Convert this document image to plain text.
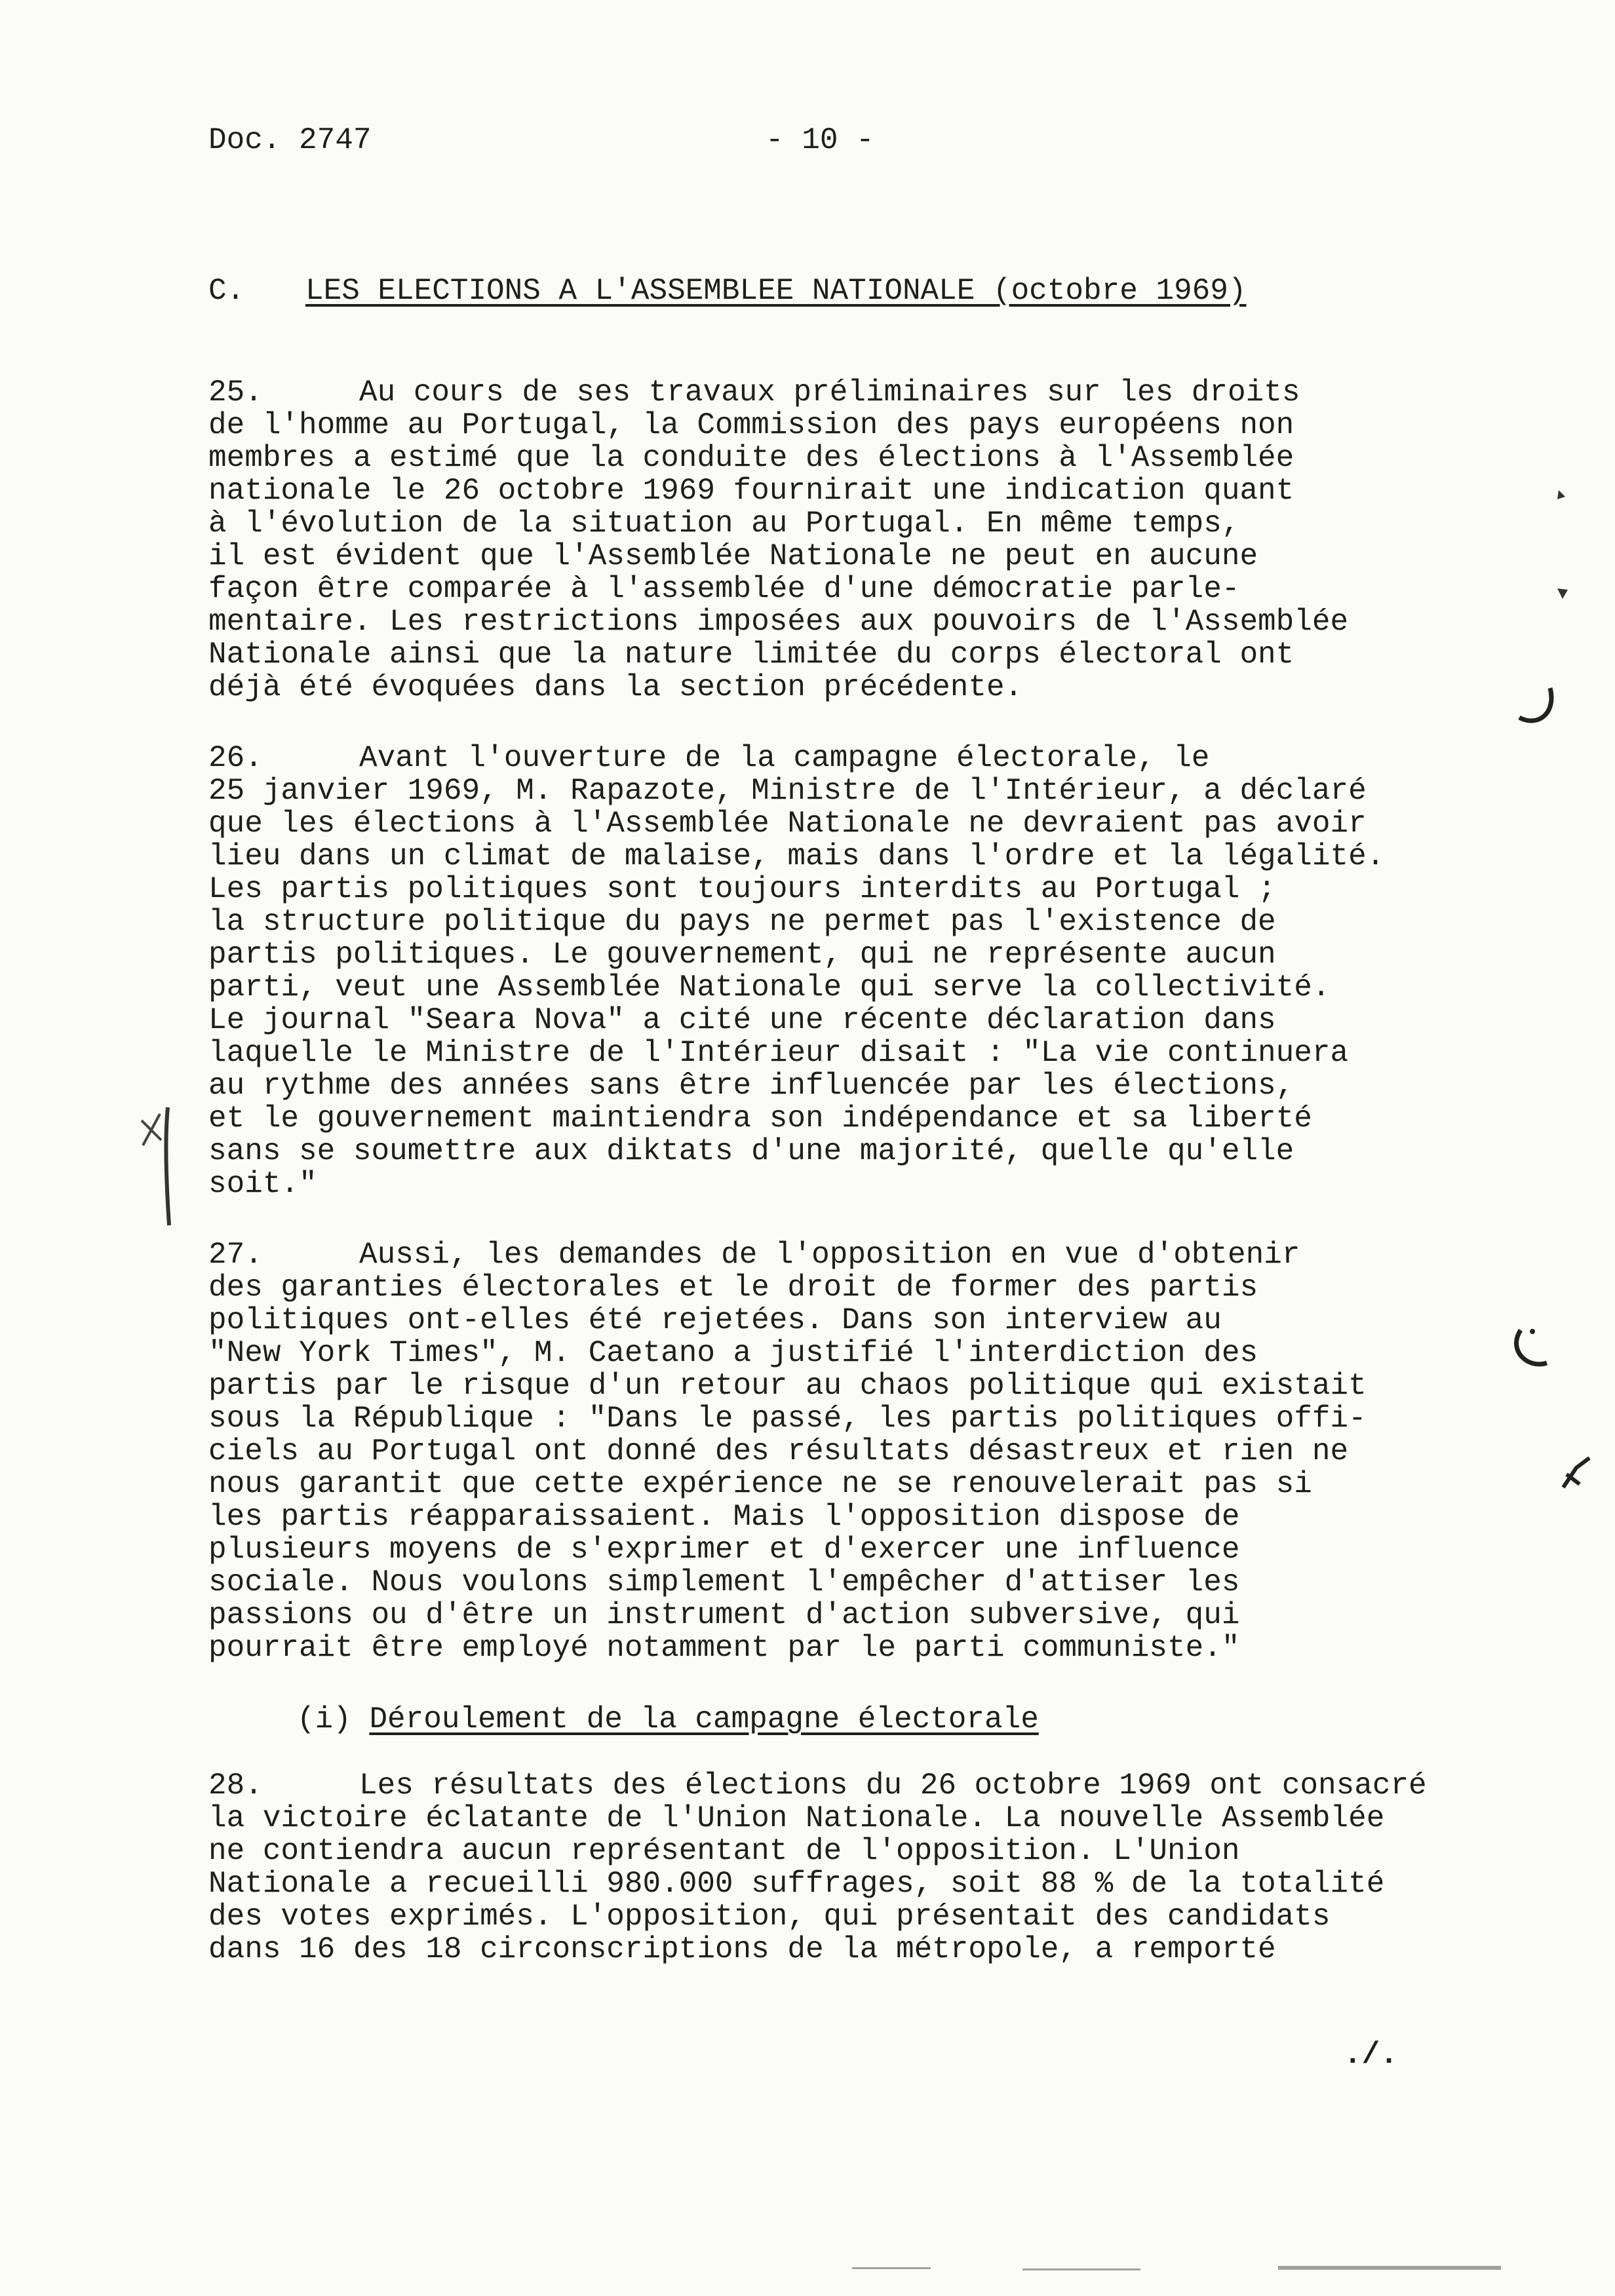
Doc. 2747	- 10 -
C. LES ELECTIONS A L'ASSEMBLEE NATIONALE (octobre 1969)
25.	Au cours de ses travaux préliminaires sur les droits
de l'homme au Portugal, la Commission des pays européens non
membres a estimé que la conduite des élections à l'Assemblée
nationale le 26 octobre 1969 fournirait une indication quant
à l'évolution de la situation au Portugal. En même temps,
il est évident que l'Assemblée Nationale ne peut en aucune
façon être comparée à l'assemblée d'une démocratie parle-
mentaire. Les restrictions imposées aux pouvoirs de l'Assemblée
Nationale ainsi que la nature limitée du corps électoral ont
déjà été évoquées dans la section précédente.
26.	Avant l'ouverture de la campagne électorale, le
25 janvier 1969, M. Rapazote, Ministre de l'Intérieur, a déclaré
que les élections à l'Assemblée Nationale ne devraient pas avoir
lieu dans un climat de malaise, mais dans l'ordre et la légalité.
Les partis politiques sont toujours interdits au Portugal ;
la structure politique du pays ne permet pas l'existence de
partis politiques. Le gouvernement, qui ne représente aucun
parti, veut une Assemblée Nationale qui serve la collectivité.
Le journal "Seara Nova" a cité une récente déclaration dans
laquelle le Ministre de l'Intérieur disait : "La vie continuera
au rythme des années sans être influencée par les élections,
et le gouvernement maintiendra son indépendance et sa liberté
sans se soumettre aux diktats d'une majorité, quelle qu'elle
soit."
27.	Aussi, les demandes de l'opposition en vue d'obtenir
des garanties électorales et le droit de former des partis
politiques ont-elles été rejetées. Dans son interview au
"New York Times", M. Caetano a justifié l'interdiction des
partis par le risque d'un retour au chaos politique qui existait
sous la République : "Dans le passé, les partis politiques offi-
ciels au Portugal ont donné des résultats désastreux et rien ne
nous garantit que cette expérience ne se renouvelerait pas si
les partis réapparaissaient. Mais l'opposition dispose de
plusieurs moyens de s'exprimer et d'exercer une influence
sociale. Nous voulons simplement l'empêcher d'attiser les
passions ou d'être un instrument d'action subversive, qui
pourrait être employé notamment par le parti communiste."
(i) Déroulement de la campagne électorale
28.	Les résultats des élections du 26 octobre 1969 ont consacré
la victoire éclatante de l'Union Nationale. La nouvelle Assemblée
ne contiendra aucun représentant de l'opposition. L'Union
Nationale a recueilli 980.000 suffrages, soit 88 % de la totalité
des votes exprimés. L'opposition, qui présentait des candidats
dans 16 des 18 circonscriptions de la métropole, a remporté
./.
